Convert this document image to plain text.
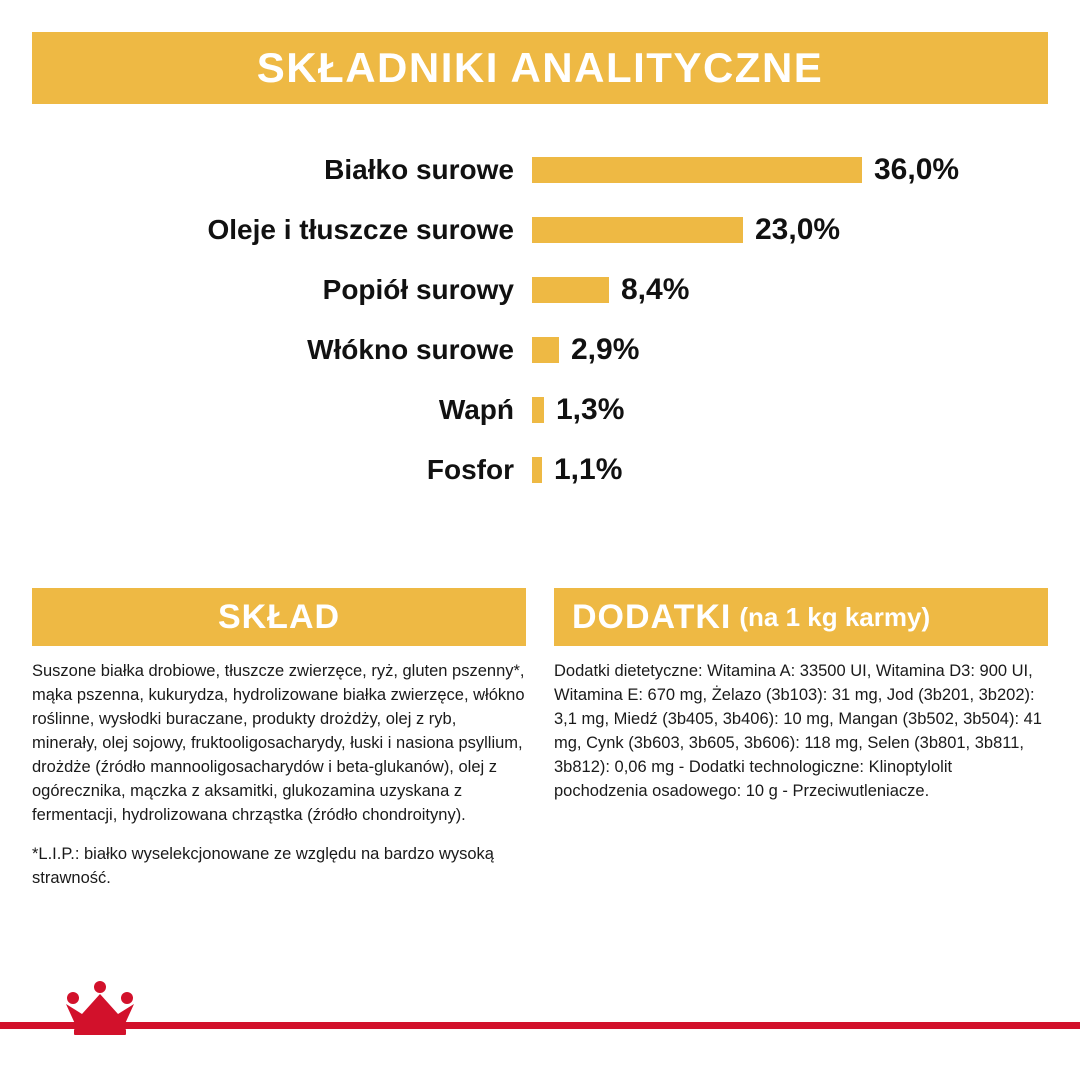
SKŁADNIKI ANALITYCZNE
Białko surowe	36,0%
Oleje i tłuszcze surowe	23,0%
Popiół surowy	8,4%
Włókno surowe	2,9%
Wapń	1,3%
Fosfor	1,1%
SKŁAD

Suszone białka drobiowe, tłuszcze zwierzęce, ryż, gluten pszenny*, mąka pszenna, kukurydza, hydrolizowane białka zwierzęce, włókno roślinne, wysłodki buraczane, produkty drożdży, olej z ryb, minerały, olej sojowy, fruktooligosacharydy, łuski i nasiona psyllium, drożdże (źródło mannooligosacharydów i beta-glukanów), olej z ogórecznika, mączka z aksamitki, glukozamina uzyskana z fermentacji, hydrolizowana chrząstka (źródło chondroityny).

*L.I.P.: białko wyselekcjonowane ze względu na bardzo wysoką strawność.

DODATKI (na 1 kg karmy)

Dodatki dietetyczne: Witamina A: 33500 UI, Witamina D3: 900 UI, Witamina E: 670 mg, Żelazo (3b103): 31 mg, Jod (3b201, 3b202): 3,1 mg, Miedź (3b405, 3b406): 10 mg, Mangan (3b502, 3b504): 41 mg, Cynk (3b603, 3b605, 3b606): 118 mg, Selen (3b801, 3b811, 3b812): 0,06 mg - Dodatki technologiczne: Klinoptylolit pochodzenia osadowego: 10 g - Przeciwutleniacze.
